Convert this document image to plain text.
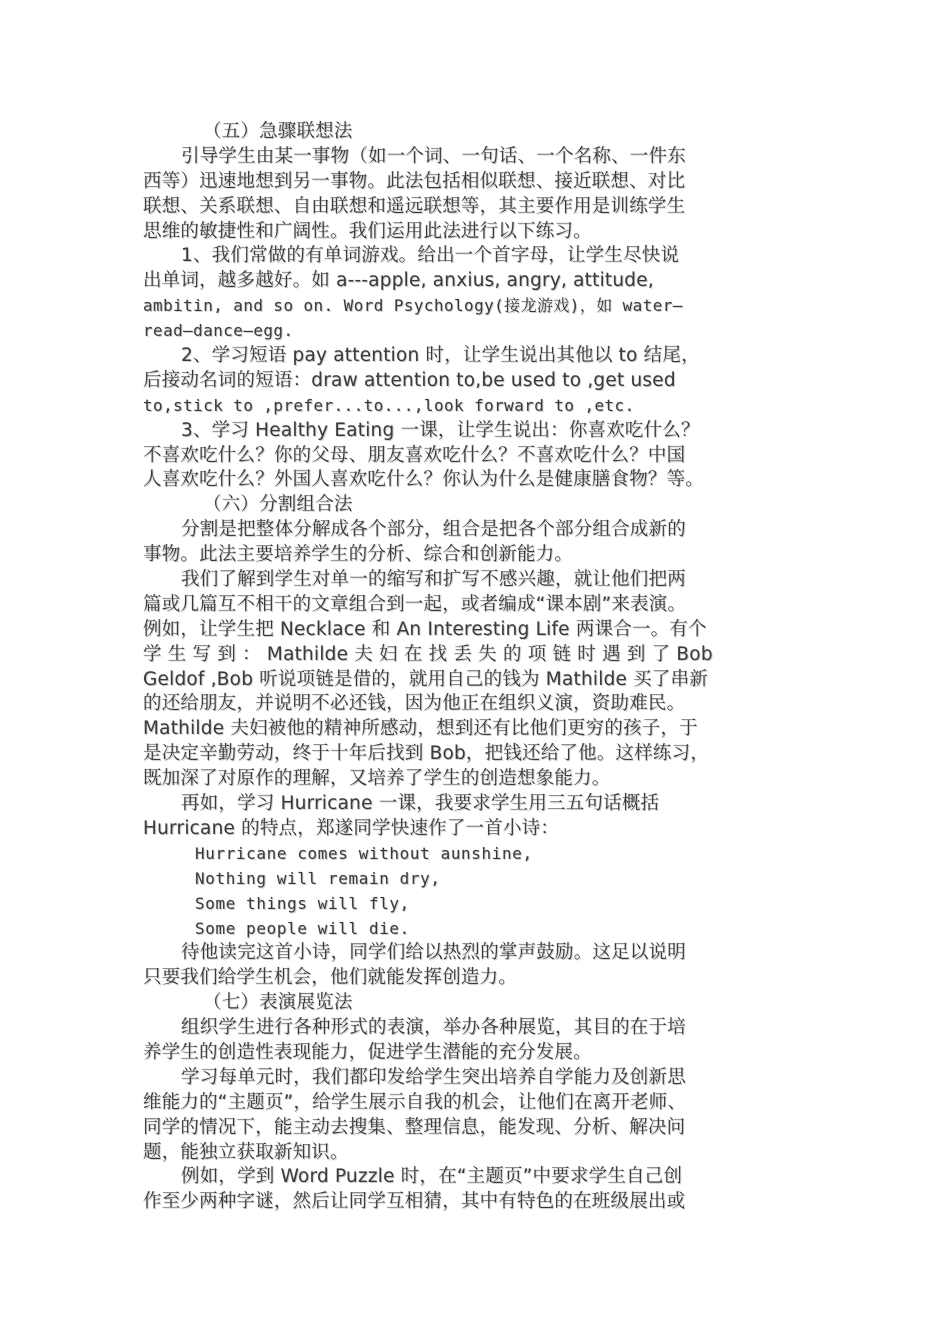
（五）急骤联想法
引导学生由某一事物（如一个词、一句话、一个名称、一件东
西等）迅速地想到另一事物。此法包括相似联想、接近联想、对比
联想、关系联想、自由联想和遥远联想等，其主要作用是训练学生
思维的敏捷性和广阔性。我们运用此法进行以下练习。
1、我们常做的有单词游戏。给出一个首字母，让学生尽快说
出单词，越多越好。如 a---apple, anxius, angry, attitude,
ambitin, and so on. Word Psychology(接龙游戏)，如 water—
read—dance—egg.
2、学习短语 pay attention 时，让学生说出其他以 to 结尾，
后接动名词的短语：draw attention to,be used to ,get used
to,stick to ,prefer...to...,look forward to ,etc.
3、学习 Healthy Eating 一课，让学生说出：你喜欢吃什么？
不喜欢吃什么？你的父母、朋友喜欢吃什么？不喜欢吃什么？中国
人喜欢吃什么？外国人喜欢吃什么？你认为什么是健康膳食物？等。
（六）分割组合法
分割是把整体分解成各个部分，组合是把各个部分组合成新的
事物。此法主要培养学生的分析、综合和创新能力。
我们了解到学生对单一的缩写和扩写不感兴趣，就让他们把两
篇或几篇互不相干的文章组合到一起，或者编成“课本剧”来表演。
例如，让学生把 Necklace 和 An Interesting Life 两课合一。有个
学 生 写 到 ： Mathilde 夫 妇 在 找 丢 失 的 项 链 时 遇 到 了 Bob
Geldof ,Bob 听说项链是借的，就用自己的钱为 Mathilde 买了串新
的还给朋友，并说明不必还钱，因为他正在组织义演，资助难民。
Mathilde 夫妇被他的精神所感动，想到还有比他们更穷的孩子，于
是决定辛勤劳动，终于十年后找到 Bob，把钱还给了他。这样练习，
既加深了对原作的理解，又培养了学生的创造想象能力。
再如，学习 Hurricane 一课，我要求学生用三五句话概括
Hurricane 的特点，郑遂同学快速作了一首小诗：
Hurricane comes without aunshine,
Nothing will remain dry,
Some things will fly,
Some people will die.
待他读完这首小诗，同学们给以热烈的掌声鼓励。这足以说明
只要我们给学生机会，他们就能发挥创造力。
（七）表演展览法
组织学生进行各种形式的表演，举办各种展览，其目的在于培
养学生的创造性表现能力，促进学生潜能的充分发展。
学习每单元时，我们都印发给学生突出培养自学能力及创新思
维能力的“主题页”，给学生展示自我的机会，让他们在离开老师、
同学的情况下，能主动去搜集、整理信息，能发现、分析、解决问
题，能独立获取新知识。
例如，学到 Word Puzzle 时，在“主题页”中要求学生自己创
作至少两种字谜，然后让同学互相猜，其中有特色的在班级展出或
